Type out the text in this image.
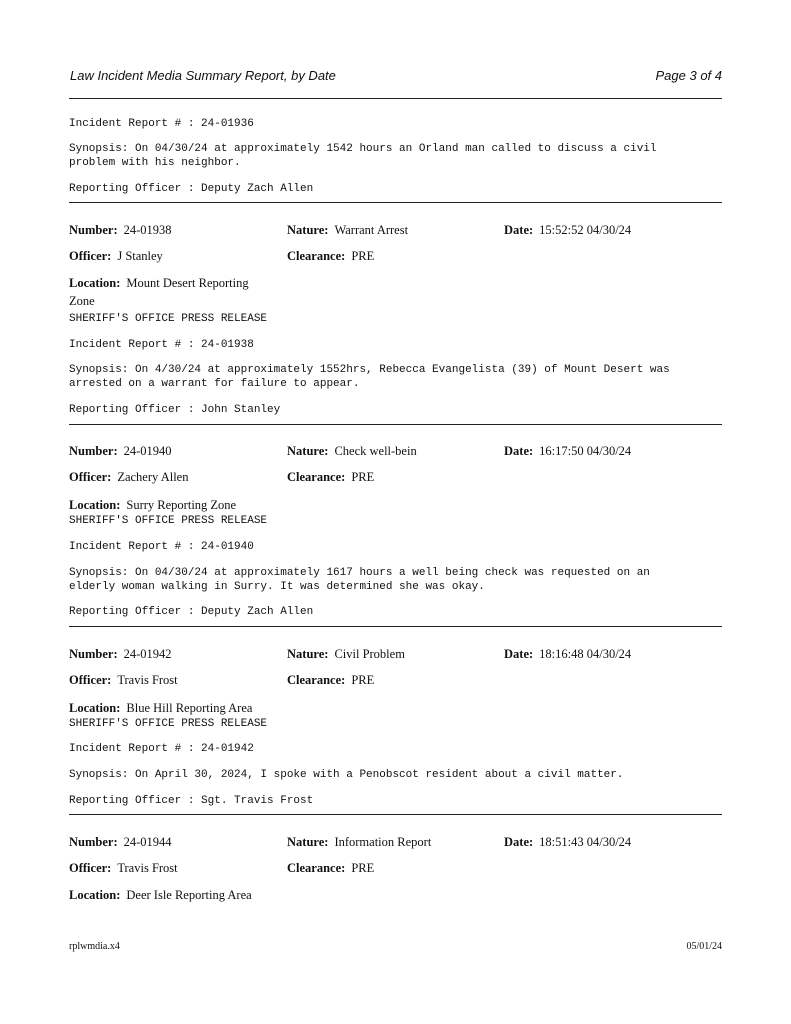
Law Incident Media Summary Report, by Date	Page 3 of 4
Incident Report # : 24-01936
Synopsis: On 04/30/24 at approximately 1542 hours an Orland man called to discuss a civil
problem with his neighbor.
Reporting Officer : Deputy Zach Allen
Number: 24-01938	Nature: Warrant Arrest	Date: 15:52:52 04/30/24
Officer: J Stanley	Clearance: PRE
Location: Mount Desert Reporting
Zone
SHERIFF'S OFFICE PRESS RELEASE
Incident Report # : 24-01938
Synopsis: On 4/30/24 at approximately 1552hrs, Rebecca Evangelista (39) of Mount Desert was
arrested on a warrant for failure to appear.
Reporting Officer : John Stanley
Number: 24-01940	Nature: Check well-bein	Date: 16:17:50 04/30/24
Officer: Zachery Allen	Clearance: PRE
Location: Surry Reporting Zone
SHERIFF'S OFFICE PRESS RELEASE
Incident Report # : 24-01940
Synopsis: On 04/30/24 at approximately 1617 hours a well being check was requested on an
elderly woman walking in Surry. It was determined she was okay.
Reporting Officer : Deputy Zach Allen
Number: 24-01942	Nature: Civil Problem	Date: 18:16:48 04/30/24
Officer: Travis Frost	Clearance: PRE
Location: Blue Hill Reporting Area
SHERIFF'S OFFICE PRESS RELEASE
Incident Report # : 24-01942
Synopsis: On April 30, 2024, I spoke with a Penobscot resident about a civil matter.
Reporting Officer : Sgt. Travis Frost
Number: 24-01944	Nature: Information Report	Date: 18:51:43 04/30/24
Officer: Travis Frost	Clearance: PRE
Location: Deer Isle Reporting Area
rplwmdia.x4	05/01/24
